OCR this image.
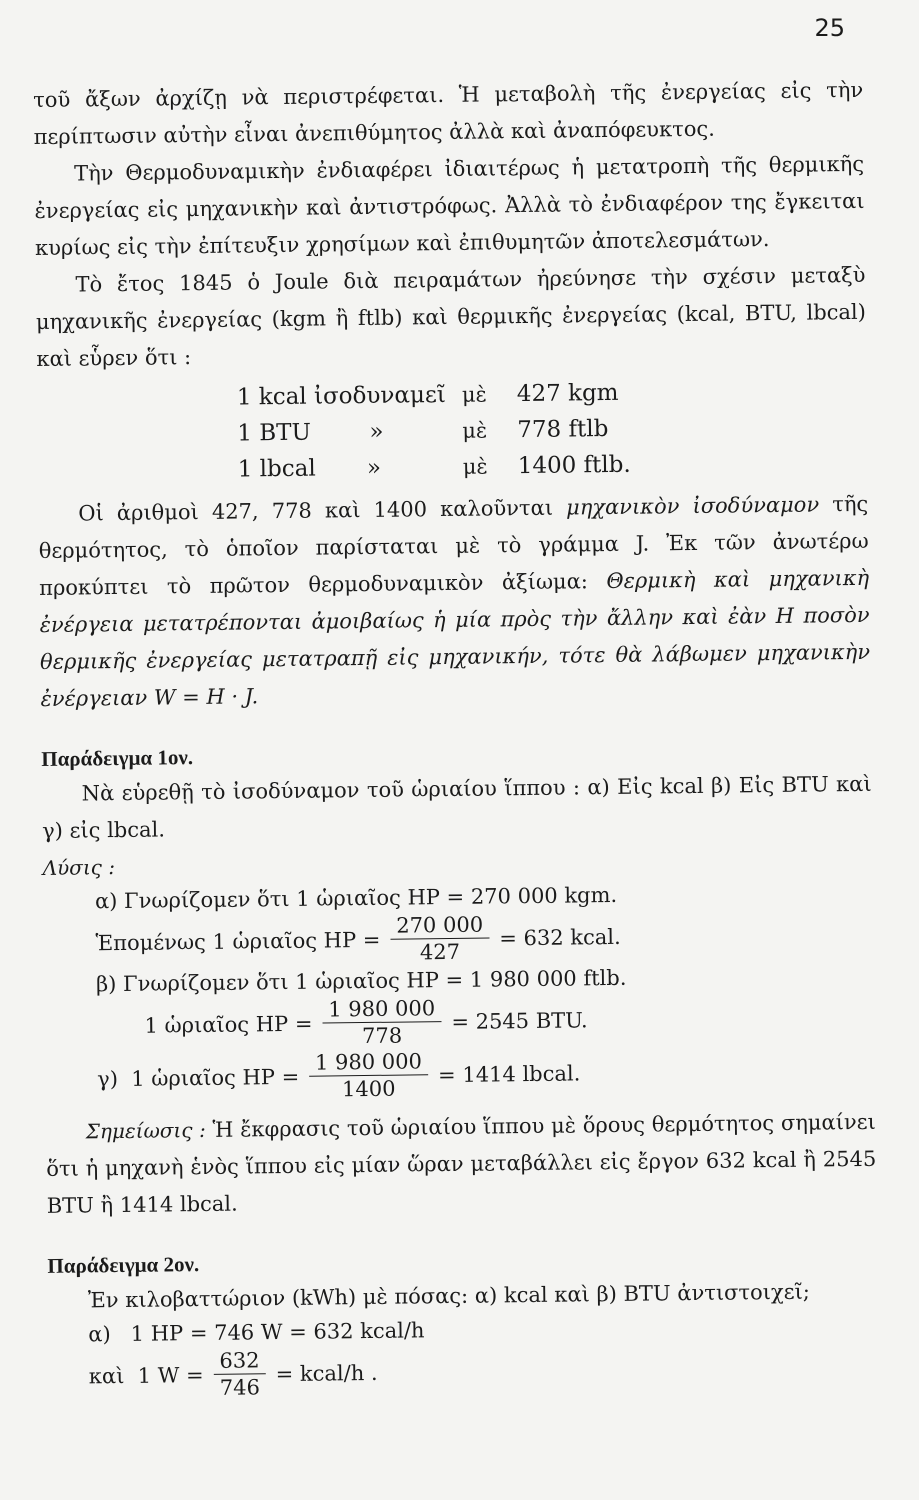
25

τοῦ ἄξων ἀρχίζῃ νὰ περιστρέφεται. Ἡ μεταβολὴ τῆς ἐνεργείας εἰς τὴν περίπτωσιν αὐτὴν εἶναι ἀνεπιθύμητος ἀλλὰ καὶ ἀναπόφευκτος.

Τὴν Θερμοδυναμικὴν ἐνδιαφέρει ἰδιαιτέρως ἡ μετατροπὴ τῆς θερμικῆς ἐνεργείας εἰς μηχανικὴν καὶ ἀντιστρόφως. Ἀλλὰ τὸ ἐνδιαφέρον της ἔγκειται κυρίως εἰς τὴν ἐπίτευξιν χρησίμων καὶ ἐπιθυμητῶν ἀποτελεσμάτων.

Τὸ ἔτος 1845 ὁ Joule διὰ πειραμάτων ἠρεύνησε τὴν σχέσιν μεταξὺ μηχανικῆς ἐνεργείας (kgm ἢ ftlb) καὶ θερμικῆς ἐνεργείας (kcal, BTU, lbcal) καὶ εὗρεν ὅτι :

1 kcal ἰσοδυναμεῖ μὲ	427 kgm
1 BTU        »	μὲ	778 ftlb
1 lbcal       »	μὲ	1400 ftlb.

Οἱ ἀριθμοὶ 427, 778 καὶ 1400 καλοῦνται μηχανικὸν ἰσοδύναμον τῆς θερμότητος, τὸ ὁποῖον παρίσταται μὲ τὸ γράμμα J. Ἐκ τῶν ἀνωτέρω προκύπτει τὸ πρῶτον θερμοδυναμικὸν ἀξίωμα: Θερμικὴ καὶ μηχανικὴ ἐνέργεια μετατρέπονται ἀμοιβαίως ἡ μία πρὸς τὴν ἄλλην καὶ ἐὰν H ποσὸν θερμικῆς ἐνεργείας μετατραπῇ εἰς μηχανικήν, τότε θὰ λάβωμεν μηχανικὴν ἐνέργειαν W = H · J.

Παράδειγμα 1ον.

Νὰ εὑρεθῇ τὸ ἰσοδύναμον τοῦ ὡριαίου ἵππου : α) Εἰς kcal β) Εἰς BTU καὶ γ) εἰς lbcal.

Λύσις :
α) Γνωρίζομεν ὅτι 1 ὡριαῖος HP = 270 000 kgm.
Ἑπομένως 1 ὡριαῖος HP = $\frac{270 000}{427} = 632$ kcal.
β) Γνωρίζομεν ὅτι 1 ὡριαῖος HP = 1 980 000 ftlb.
1 ὡριαῖος HP = $\frac{1 980 000}{778} = 2545$ BTU.
γ)  1 ὡριαῖος HP = $\frac{1 980 000}{1400} = 1414$ lbcal.

Σημείωσις : Ἡ ἔκφρασις τοῦ ὡριαίου ἵππου μὲ ὅρους θερμότητος σημαίνει ὅτι ἡ μηχανὴ ἑνὸς ἵππου εἰς μίαν ὥραν μεταβάλλει εἰς ἔργον 632 kcal ἢ 2545 BTU ἢ 1414 lbcal.

Παράδειγμα 2ον.

Ἐν κιλοβαττώριον (kWh) μὲ πόσας: α) kcal καὶ β) BTU ἀντιστοιχεῖ;

α)   1 HP = 746 W = 632 kcal/h
καὶ  1 $W = \frac{632}{746}$ = kcal/h .
